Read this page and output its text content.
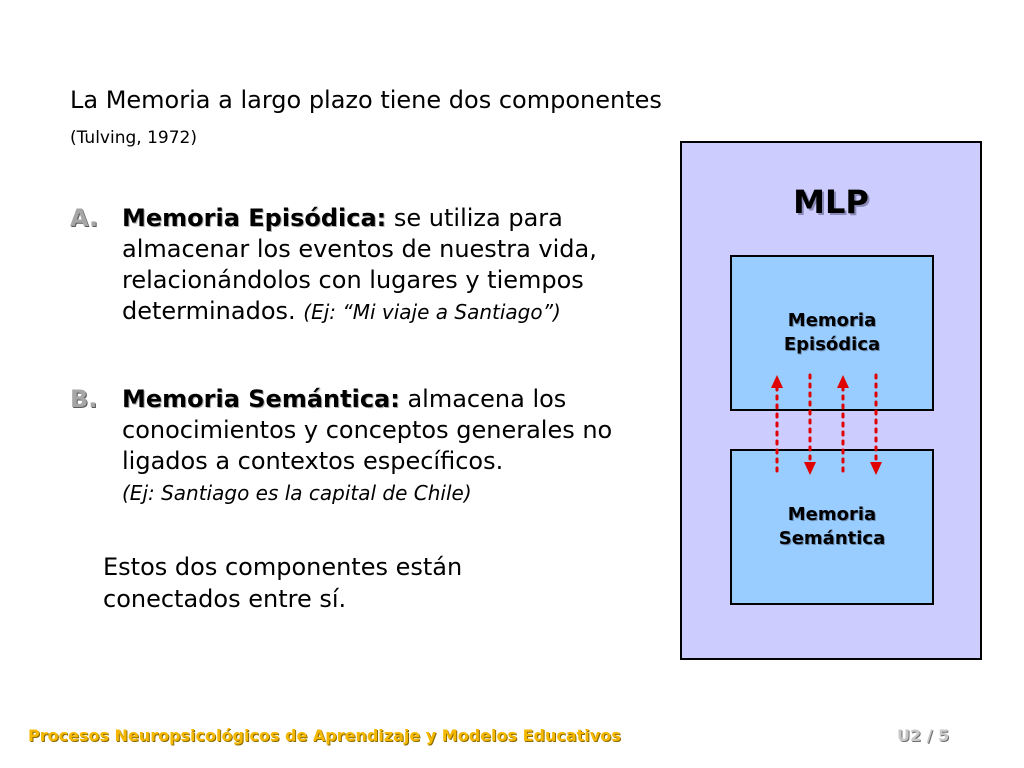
La Memoria a largo plazo tiene dos componentes
(Tulving, 1972)
A. Memoria Episódica: se utiliza para almacenar los eventos de nuestra vida, relacionándolos con lugares y tiempos determinados. (Ej: “Mi viaje a Santiago”)
B. Memoria Semántica: almacena los conocimientos y conceptos generales no ligados a contextos específicos.
(Ej: Santiago es la capital de Chile)
Estos dos componentes están conectados entre sí.
MLP
Memoria
Episódica
Memoria
Semántica
Procesos Neuropsicológicos de Aprendizaje y Modelos Educativos	U2 / 5
